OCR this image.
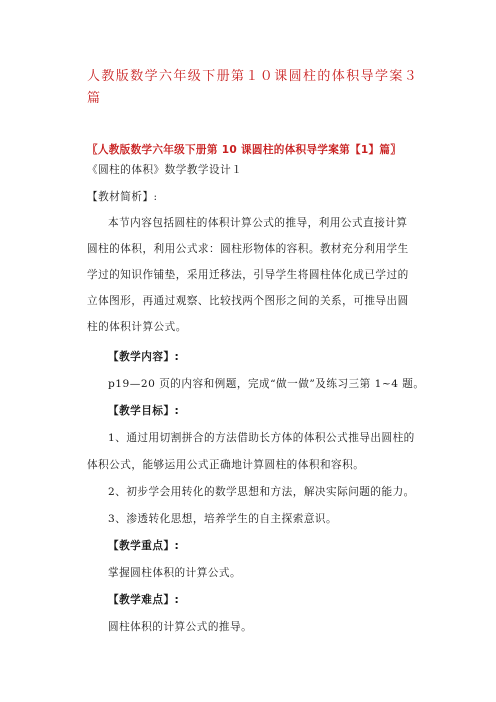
人教版数学六年级下册第１０课圆柱的体积导学案３篇

〖人教版数学六年级下册第 10 课圆柱的体积导学案第【1】篇〗

《圆柱的体积》数学教学设计１

【教材简析】:

本节内容包括圆柱的体积计算公式的推导，利用公式直接计算

圆柱的体积，利用公式求：圆柱形物体的容积。教材充分利用学生

学过的知识作铺垫，采用迁移法，引导学生将圆柱体化成已学过的

立体图形，再通过观察、比较找两个图形之间的关系，可推导出圆

柱的体积计算公式。

【教学内容】:

p19—20 页的内容和例题，完成“做一做”及练习三第 1~4 题。

【教学目标】:

1、通过用切割拼合的方法借助长方体的体积公式推导出圆柱的

体积公式，能够运用公式正确地计算圆柱的体积和容积。

2、初步学会用转化的数学思想和方法，解决实际问题的能力。

3、渗透转化思想，培养学生的自主探索意识。

【教学重点】:

掌握圆柱体积的计算公式。

【教学难点】:

圆柱体积的计算公式的推导。
